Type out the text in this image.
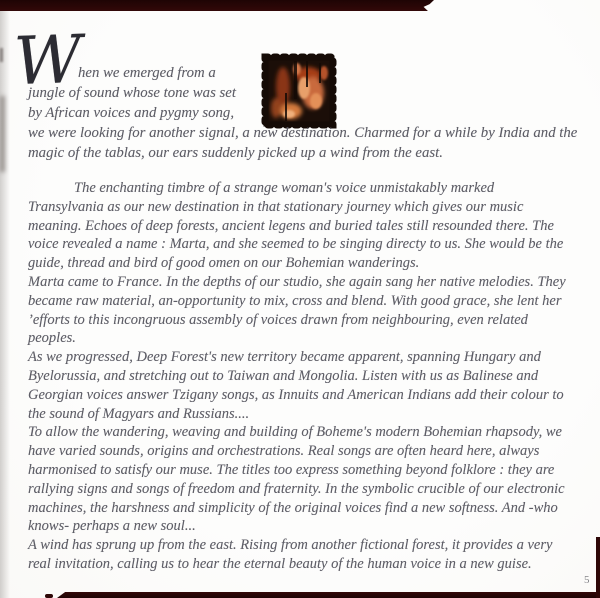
W
hen we emerged from a
jungle of sound whose tone was set
by African voices and pygmy song,
we were looking for another signal, a new destination. Charmed for a while by India and the
magic of the tablas, our ears suddenly picked up a wind from the east.
The enchanting timbre of a strange woman's voice unmistakably marked
Transylvania as our new destination in that stationary journey which gives our music
meaning. Echoes of deep forests, ancient legens and buried tales still resounded there. The
voice revealed a name : Marta, and she seemed to be singing directy to us. She would be the
guide, thread and bird of good omen on our Bohemian wanderings.
Marta came to France. In the depths of our studio, she again sang her native melodies. They
became raw material, an-opportunity to mix, cross and blend. With good grace, she lent her
’efforts to this incongruous assembly of voices drawn from neighbouring, even related
peoples.
As we progressed, Deep Forest's new territory became apparent, spanning Hungary and
Byelorussia, and stretching out to Taiwan and Mongolia. Listen with us as Balinese and
Georgian voices answer Tzigany songs, as Innuits and American Indians add their colour to
the sound of Magyars and Russians....
To allow the wandering, weaving and building of Boheme's modern Bohemian rhapsody, we
have varied sounds, origins and orchestrations. Real songs are often heard here, always
harmonised to satisfy our muse. The titles too express something beyond folklore : they are
rallying signs and songs of freedom and fraternity. In the symbolic crucible of our electronic
machines, the harshness and simplicity of the original voices find a new softness. And -who
knows- perhaps a new soul...
A wind has sprung up from the east. Rising from another fictional forest, it provides a very
real invitation, calling us to hear the eternal beauty of the human voice in a new guise.
5
